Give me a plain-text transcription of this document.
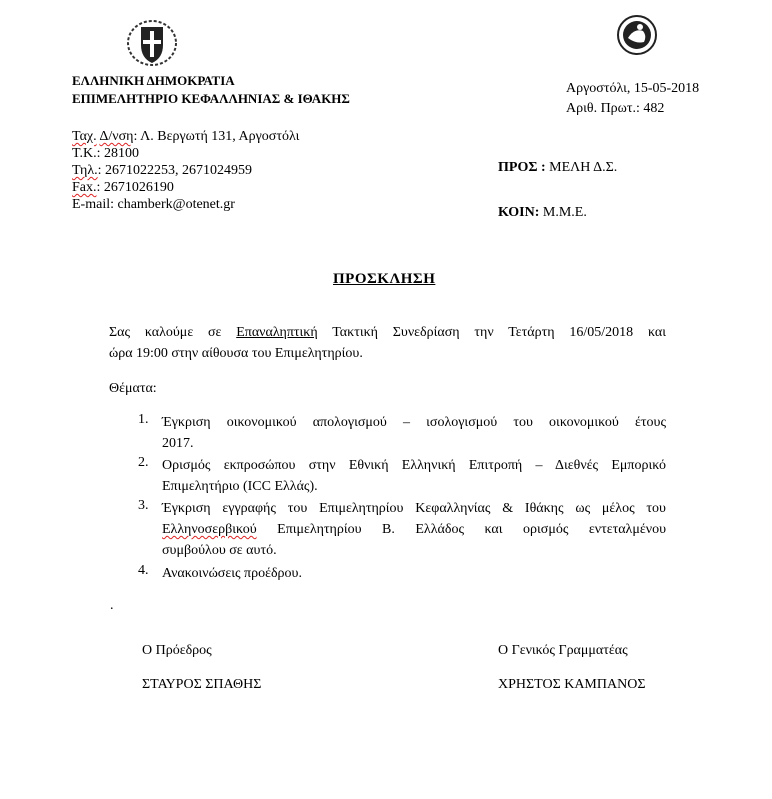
ΕΛΛΗΝΙΚΗ ΔΗΜΟΚΡΑΤΙΑ
ΕΠΙΜΕΛΗΤΗΡΙΟ ΚΕΦΑΛΛΗΝΙΑΣ & ΙΘΑΚΗΣ
Αργοστόλι, 15-05-2018
Αριθ. Πρωτ.: 482
Ταχ. Δ/νση: Λ. Βεργωτή 131, Αργοστόλι
Τ.Κ.: 28100
Τηλ.: 2671022253, 2671024959
Fax.: 2671026190
E-mail: chamberk@otenet.gr
ΠΡΟΣ : ΜΕΛΗ Δ.Σ.
ΚΟΙΝ: Μ.Μ.Ε.
ΠΡΟΣΚΛΗΣΗ
Σας καλούμε σε Επαναληπτική Τακτική Συνεδρίαση την Τετάρτη 16/05/2018 και
ώρα 19:00 στην αίθουσα του Επιμελητηρίου.
Θέματα:
1. Έγκριση οικονομικού απολογισμού – ισολογισμού του οικονομικού έτους
2017.
2. Ορισμός εκπροσώπου στην Εθνική Ελληνική Επιτροπή – Διεθνές Εμπορικό
Επιμελητήριο (ICC Ελλάς).
3. Έγκριση εγγραφής του Επιμελητηρίου Κεφαλληνίας & Ιθάκης ως μέλος του
Ελληνοσερβικού Επιμελητηρίου Β. Ελλάδος και ορισμός εντεταλμένου
συμβούλου σε αυτό.
4. Ανακοινώσεις προέδρου.
.
Ο Πρόεδρος
ΣΤΑΥΡΟΣ ΣΠΑΘΗΣ
Ο Γενικός Γραμματέας
ΧΡΗΣΤΟΣ ΚΑΜΠΑΝΟΣ
